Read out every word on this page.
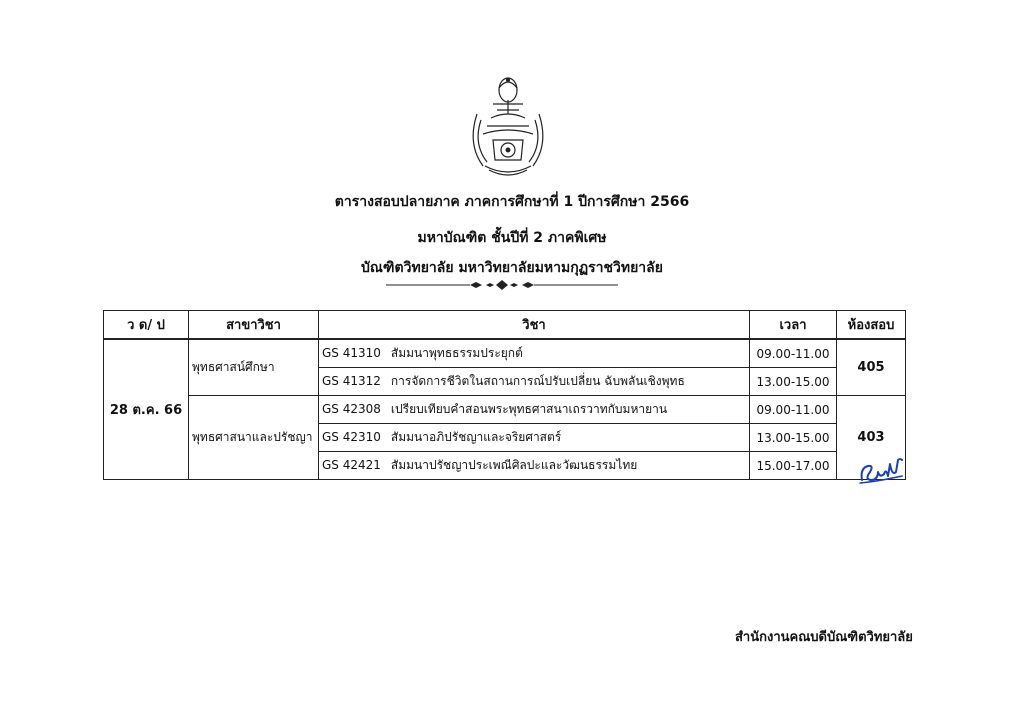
ตารางสอบปลายภาค ภาคการศึกษาที่ 1 ปีการศึกษา 2566
มหาบัณฑิต ชั้นปีที่ 2 ภาคพิเศษ
บัณฑิตวิทยาลัย มหาวิทยาลัยมหามกุฏราชวิทยาลัย
ว ด/ ป	สาขาวิชา	วิชา	เวลา	ห้องสอบ
28 ต.ค. 66	พุทธศาสน์ศึกษา	GS 41310 สัมมนาพุทธธรรมประยุกต์	09.00-11.00	405
		GS 41312 การจัดการชีวิตในสถานการณ์ปรับเปลี่ยน ฉับพลันเชิงพุทธ	13.00-15.00	
	พุทธศาสนาและปรัชญา	GS 42308 เปรียบเทียบคำสอนพระพุทธศาสนาเถรวาทกับมหายาน	09.00-11.00	403
		GS 42310 สัมมนาอภิปรัชญาและจริยศาสตร์	13.00-15.00	
		GS 42421 สัมมนาปรัชญาประเพณีศิลปะและวัฒนธรรมไทย	15.00-17.00	
สำนักงานคณบดีบัณฑิตวิทยาลัย
